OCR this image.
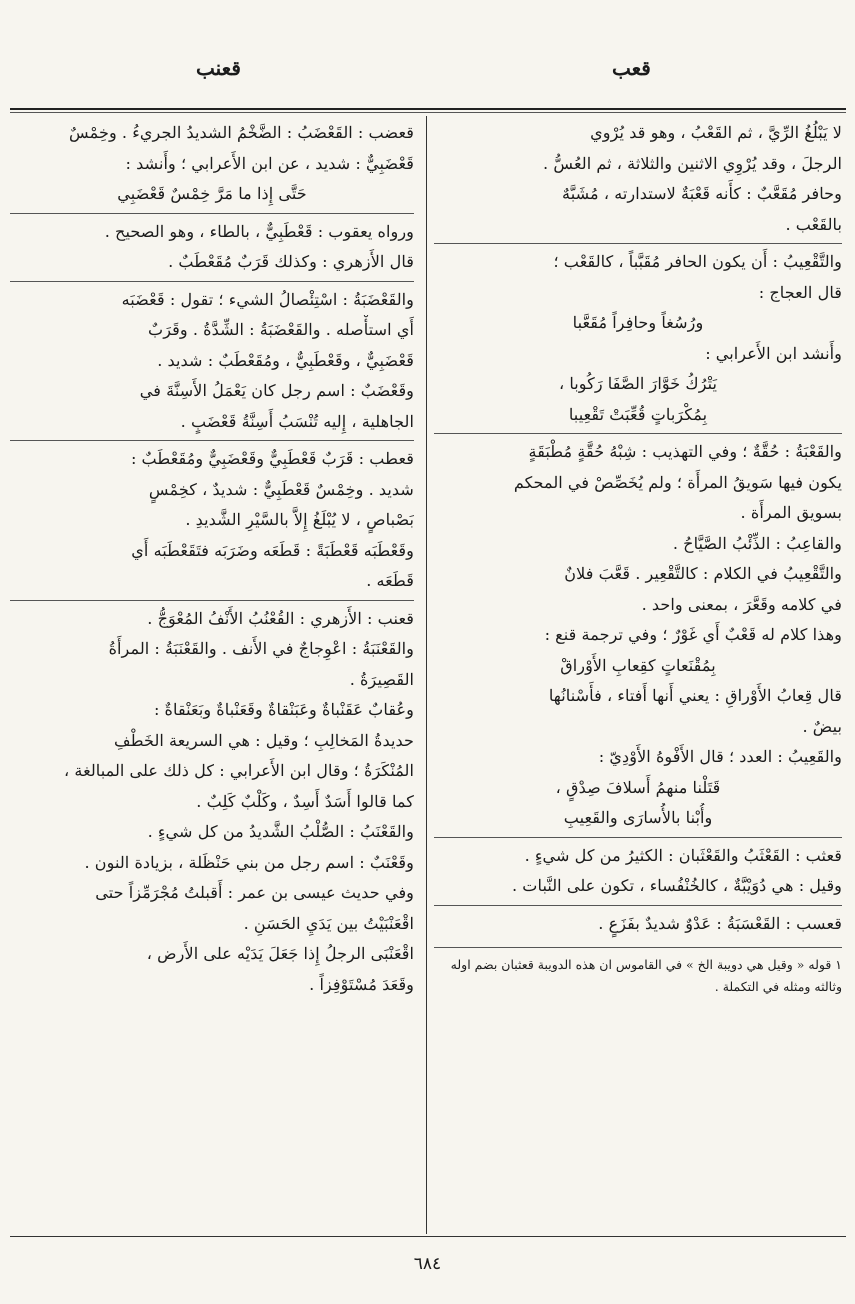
قعنب	قعب

لا يَبْلُغُ الرِّيَّ ، ثم القَعْبُ ، وهو قد يُرْوي

الرجلَ ، وقد يُرْوِي الاثنين والثلاثة ، ثم العُسُّ .

وحافر مُقَعَّبٌ : كأَنه قَعْبَةٌ لاستدارته ، مُشَبَّهٌ

بالقَعْب .

والتَّقْعِيبُ : أَن يكون الحافر مُقَبَّباً ، كالقَعْب ؛

قال العجاج :

ورُسُغاً وحافِراً مُقَعَّبا

وأَنشد ابن الأَعرابي :

يَتْرُكُ خَوَّارَ الصَّفَا رَكُوبا ،

بِمُكْرَباتٍ قُعِّبَتْ تَقْعِيبا

والقَعْبَةُ : حُقَّةٌ ؛ وفي التهذيب : شِبْهُ حُقَّةٍ مُطْبَقَةٍ

يكون فيها سَويقُ المرأَة ؛ ولم يُخَصِّصْ في المحكم

بسويق المرأَة .

والقاعِبُ : الذِّئْبُ الصَّيَّاحُ .

والتَّقْعِيبُ في الكلام : كالتَّقْعِير . قَعَّبَ فلانٌ

في كلامه وقَعَّرَ ، بمعنى واحد .

وهذا كلام له قَعْبٌ أَي غَوْرٌ ؛ وفي ترجمة قنع :

بِمُقْنَعاتٍ كقِعابِ الأَوْراقْ

قال قِعابُ الأَوْراقِ : يعني أَنها أَفتاء ، فأَسْنانُها

بيضٌ .

والقَعِيبُ : العدد ؛ قال الأَفْوهُ الأَوْدِيّ :

قَتَلْنا منهمُ أَسلافَ صِدْقٍ ،

وأُبْنا بالأُسارَى والقَعِيبِ

قعثب : القَعْثَبُ والقَعْثَبان : الكثيرُ من كل شيءٍ .

وقيل : هي دُوَيْبَّةٌ ، كالخُنْفُساء ، تكون على النَّبات .

قعسب : القَعْسَبَةُ : عَدْوٌ شديدٌ بفَزَعٍ .

١ قوله « وقيل هي دويبة الخ » في القاموس ان هذه الدويبة قعثبان بضم اوله وثالثه ومثله في التكملة .

قعضب : القَعْضَبُ : الضَّخْمُ الشديدُ الجريءُ . وخِمْسٌ

قَعْضَبِيٌّ : شديد ، عن ابن الأَعرابي ؛ وأَنشد :

حَتَّى إِذا ما مَرَّ خِمْسٌ قَعْضَبِي

ورواه يعقوب : قَعْطَبِيٌّ ، بالطاء ، وهو الصحيح .

قال الأَزهري : وكذلك قَرَبٌ مُقَعْطَبٌ .

والقَعْضَبَةُ : اسْتِئْصالُ الشيء ؛ تقول : قَعْضَبَه

أَي استأْصله . والقَعْضَبَةُ : الشِّدَّةُ . وقَرَبٌ

قَعْضَبِيٌّ ، وقَعْطَبِيٌّ ، ومُقَعْطَبٌ : شديد .

وقَعْضَبٌ : اسم رجل كان يَعْمَلُ الأَسِنَّةَ في

الجاهلية ، إِليه تُنْسَبُ أَسِنَّةُ قَعْضَبٍ .

قعطب : قَرَبٌ قَعْطَبِيٌّ وقَعْضَبِيٌّ ومُقَعْطَبٌ :

شديد . وخِمْسٌ قَعْطَبِيٌّ : شديدٌ ، كخِمْسٍ

بَصْباصٍ ، لا يُبْلَغُ إِلاَّ بالسَّيْرِ الشَّديدِ .

وقَعْطَبَه قَعْطَبَةً : قَطَعَه وضَرَبَه فتَقَعْطَبَه أَي

قَطَعَه .

قعنب : الأَزهري : القُعْنُبُ الأَنْفُ المُعْوَجُّ .

والقَعْنَبَةُ : اعْوِجاجٌ في الأَنف . والقَعْنَبَةُ : المرأَةُ

القَصِيرَةُ .

وعُقابٌ عَقَنْباةٌ وعَبَنْقاةٌ وقَعَنْباةٌ وبَعَنْقاةٌ :

حديدةُ المَخالِبِ ؛ وقيل : هي السريعة الخَطْفِ

المُنْكَرَةُ ؛ وقال ابن الأَعرابي : كل ذلك على المبالغة ،

كما قالوا أَسَدٌ أَسِدٌ ، وكَلْبٌ كَلِبٌ .

والقَعْنَبُ : الصُّلْبُ الشَّديدُ من كل شيءٍ .

وقَعْنَبٌ : اسم رجل من بني حَنْظَلة ، بزيادة النون .

وفي حديث عيسى بن عمر : أَقبلتُ مُجْرَمِّزاً حتى

اقْعَنْبَيْتُ بين يَدَيِ الحَسَنِ .

اقْعَنْبَى الرجلُ إِذا جَعَلَ يَدَيْه على الأَرض ،

وقَعَدَ مُسْتَوْفِزاً .

٦٨٤
